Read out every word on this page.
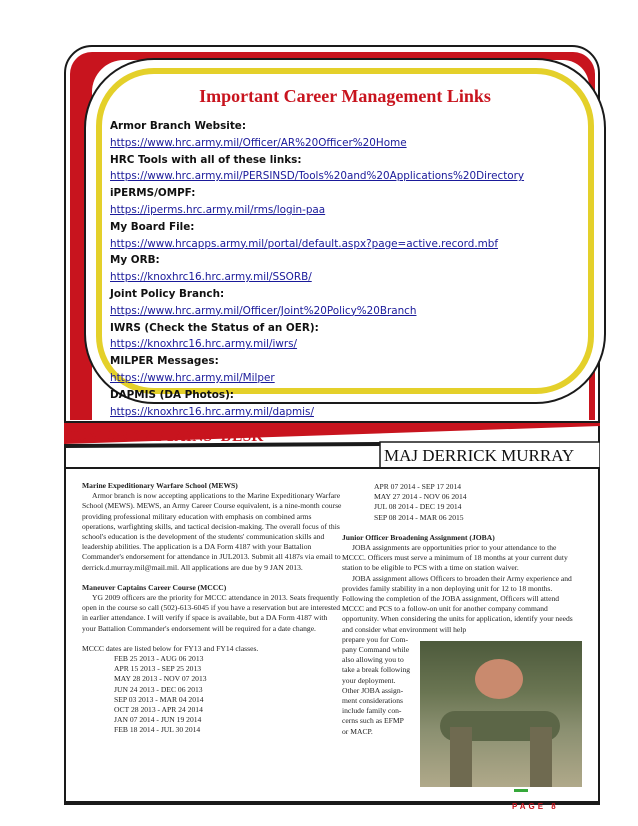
Important Career Management Links
Armor Branch Website:
https://www.hrc.army.mil/Officer/AR%20Officer%20Home
HRC Tools with all of these links:
https://www.hrc.army.mil/PERSINSD/Tools%20and%20Applications%20Directory
iPERMS/OMPF:
https://iperms.hrc.army.mil/rms/login-paa
My Board File:
https://www.hrcapps.army.mil/portal/default.aspx?page=active.record.mbf
My ORB:
https://knoxhrc16.hrc.army.mil/SSORB/
Joint Policy Branch:
https://www.hrc.army.mil/Officer/Joint%20Policy%20Branch
IWRS (Check the Status of an OER):
https://knoxhrc16.hrc.army.mil/iwrs/
MILPER Messages:
https://www.hrc.army.mil/Milper
DAPMIS (DA Photos):
https://knoxhrc16.hrc.army.mil/dapmis/
JUNIOR CAPTAINS’ DESK
MAJ DERRICK MURRAY

Marine Expeditionary Warfare School (MEWS)

Armor branch is now accepting applications to the Marine Expeditionary Warfare School (MEWS). MEWS, an Army Career Course equivalent, is a nine-month course providing professional military education with emphasis on combined arms operations, warfighting skills, and tactical decision-making. The overall focus of this school's education is the development of the students' communication skills and leadership abilities. The application is a DA Form 4187 with your Battalion Commander's endorsement for attendance in JUL2013. Submit all 4187s via email to derrick.d.murray.mil@mail.mil. All applications are due by 9 JAN 2013.

Maneuver Captains Career Course (MCCC)

YG 2009 officers are the priority for MCCC attendance in 2013. Seats frequently open in the course so call (502)-613-6045 if you have a reservation but are interested in earlier attendance. I will verify if space is available, but a DA Form 4187 with your Battalion Commander's endorsement will be required for a date change.

MCCC dates are listed below for FY13 and FY14 classes.

FEB 25 2013 - AUG 06 2013

APR 15 2013 - SEP 25 2013

MAY 28 2013 - NOV 07 2013

JUN 24 2013 - DEC 06 2013

SEP 03 2013 - MAR 04 2014

OCT 28 2013 - APR 24 2014

JAN 07 2014 - JUN 19 2014

FEB 18 2014 - JUL 30 2014

APR 07 2014 - SEP 17 2014

MAY 27 2014 - NOV 06 2014

JUL 08 2014 - DEC 19 2014

SEP 08 2014 - MAR 06 2015

Junior Officer Broadening Assignment (JOBA)

JOBA assignments are opportunities prior to your attendance to the MCCC. Officers must serve a minimum of 18 months at your current duty station to be eligible to PCS with a time on station waiver.

JOBA assignment allows Officers to broaden their Army experience and provides family stability in a non deploying unit for 12 to 18 months. Following the completion of the JOBA assignment, Officers will attend MCCC and PCS to a follow-on unit for another company command opportunity. When considering the units for application, identify your needs and consider what environment will help

prepare you for Com-

pany Command while

also allowing you to

take a break following

your deployment.

Other JOBA assign-

ment considerations

include family con-

cerns such as EFMP

or MACP.

PAGE 8
